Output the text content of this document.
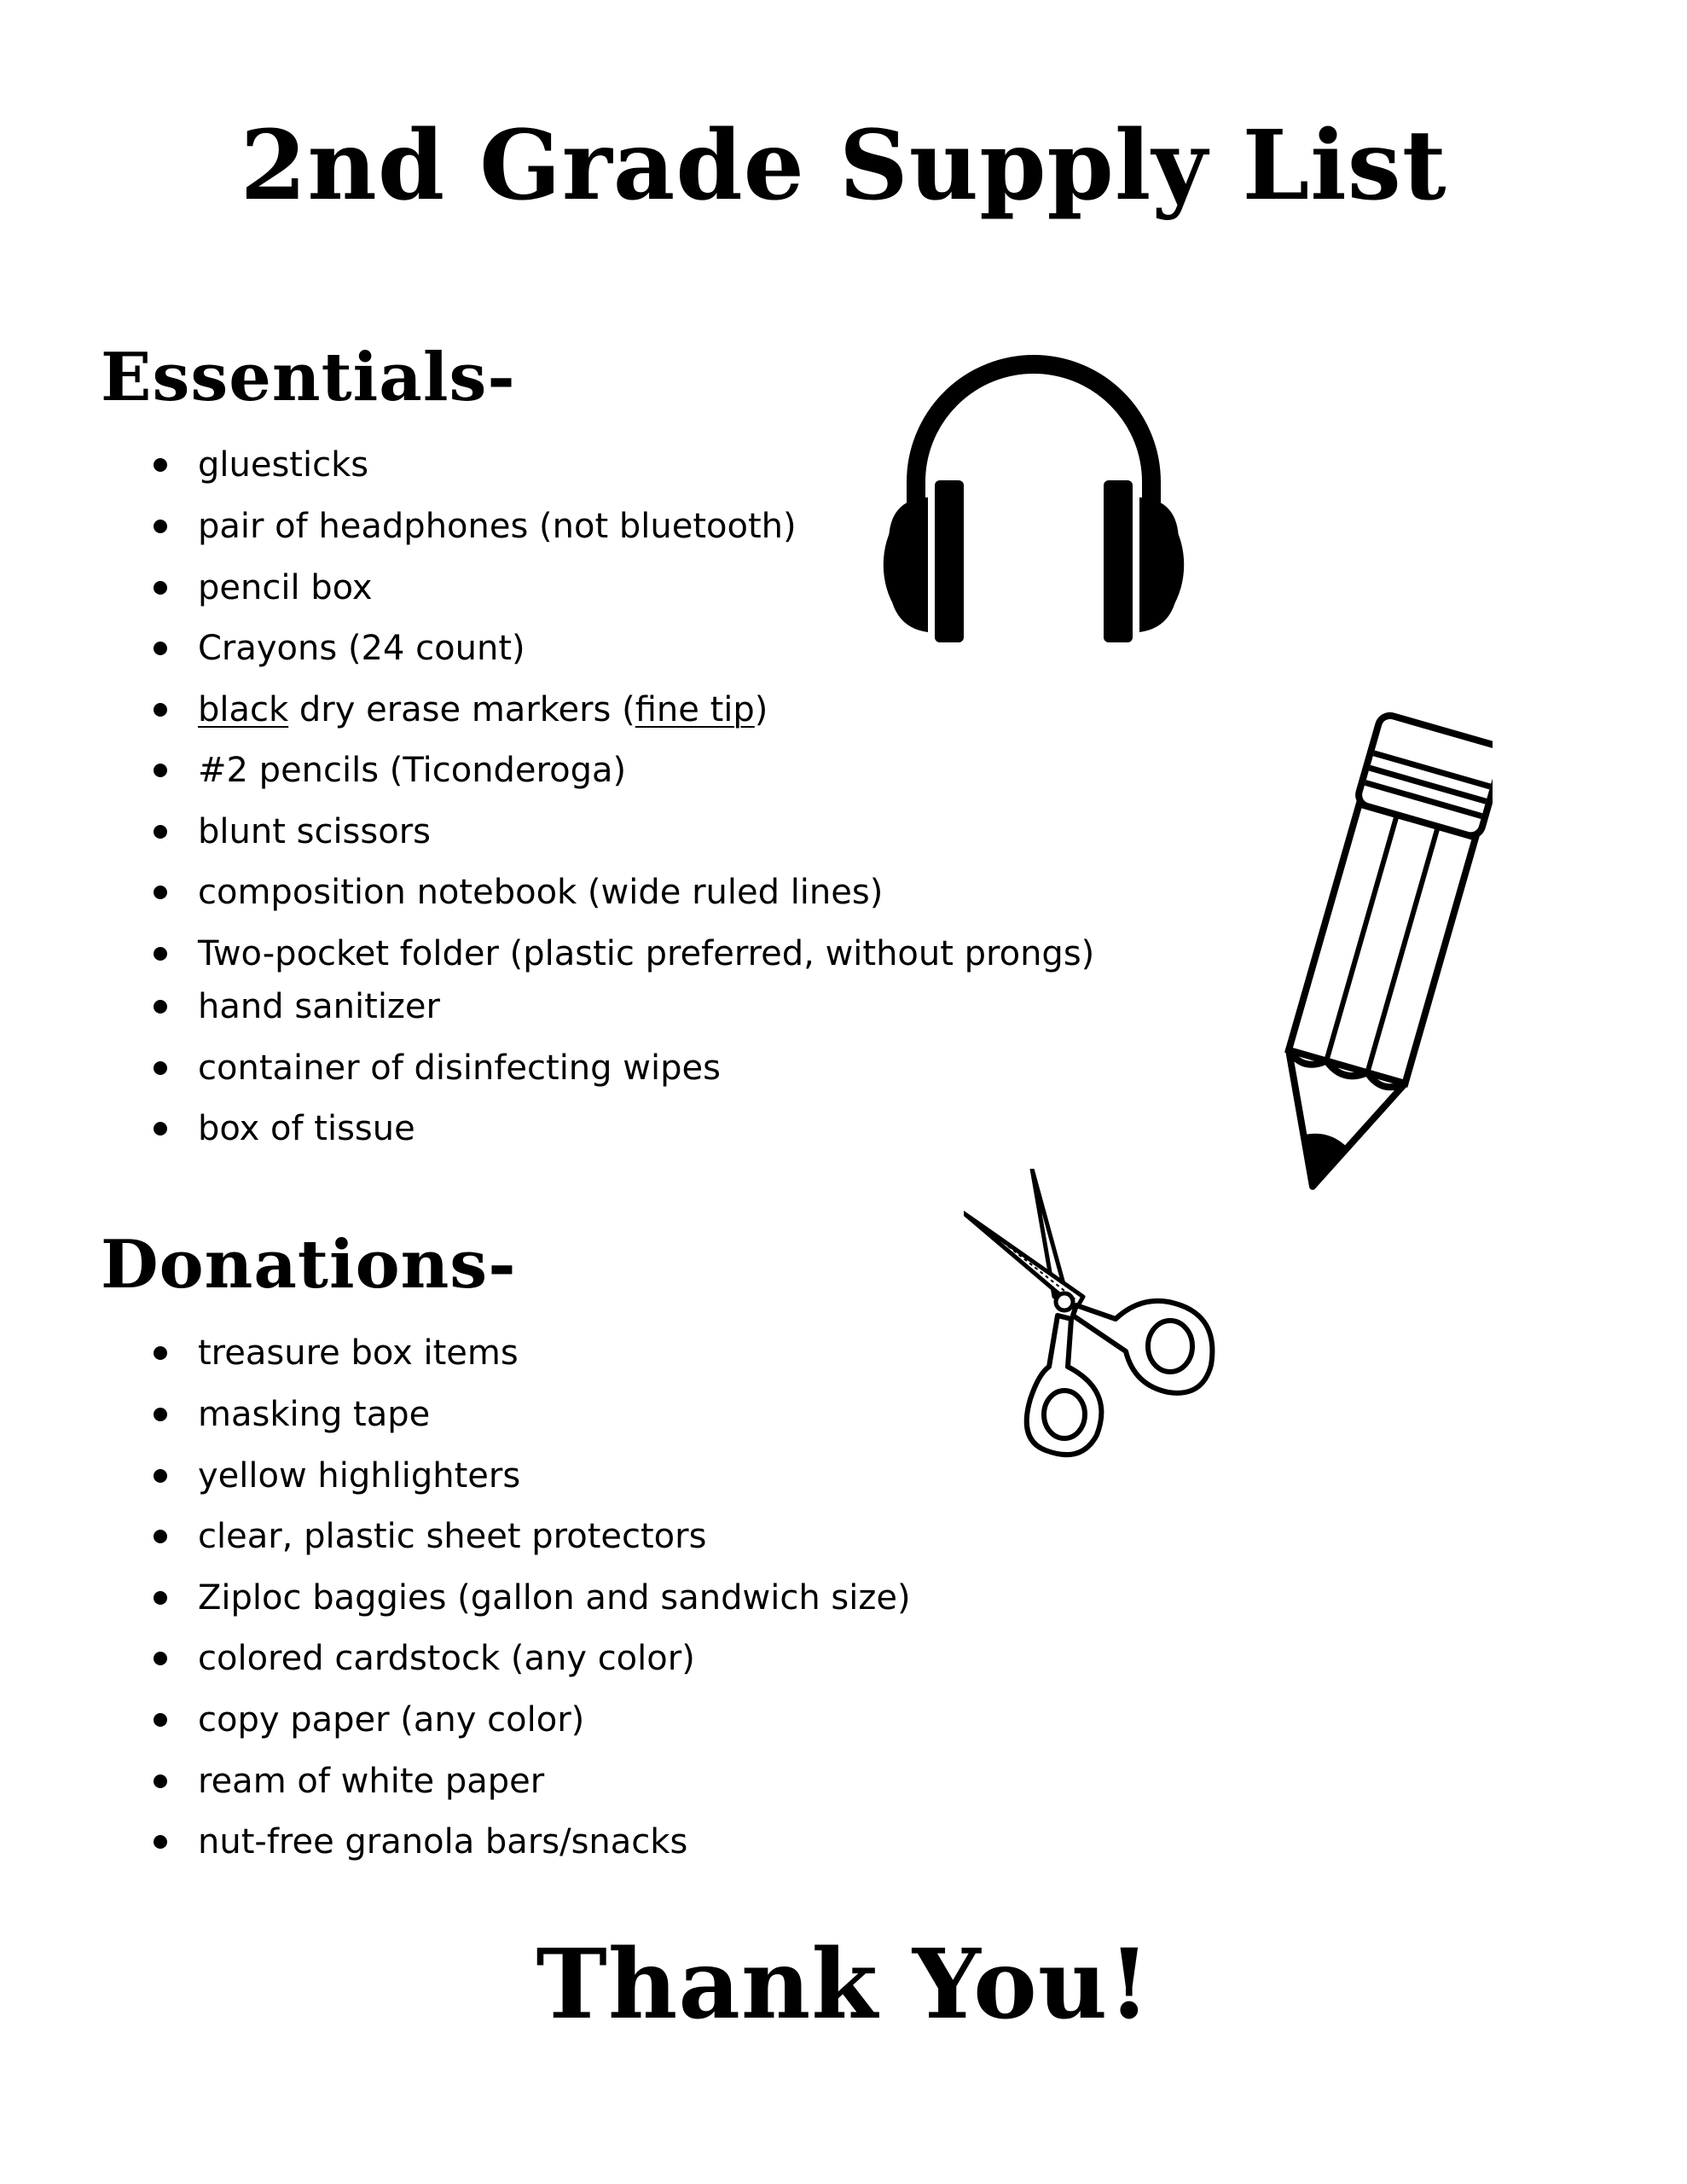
2nd Grade Supply List
Essentials-
gluesticks
pair of headphones (not bluetooth)
pencil box
Crayons (24 count)
black dry erase markers (fine tip)
#2 pencils (Ticonderoga)
blunt scissors
composition notebook (wide ruled lines)
Two-pocket folder (plastic preferred, without prongs)
hand sanitizer
container of disinfecting wipes
box of tissue
Donations-
treasure box items
masking tape
yellow highlighters
clear, plastic sheet protectors
Ziploc baggies (gallon and sandwich size)
colored cardstock (any color)
copy paper (any color)
ream of white paper
nut-free granola bars/snacks
Thank You!
